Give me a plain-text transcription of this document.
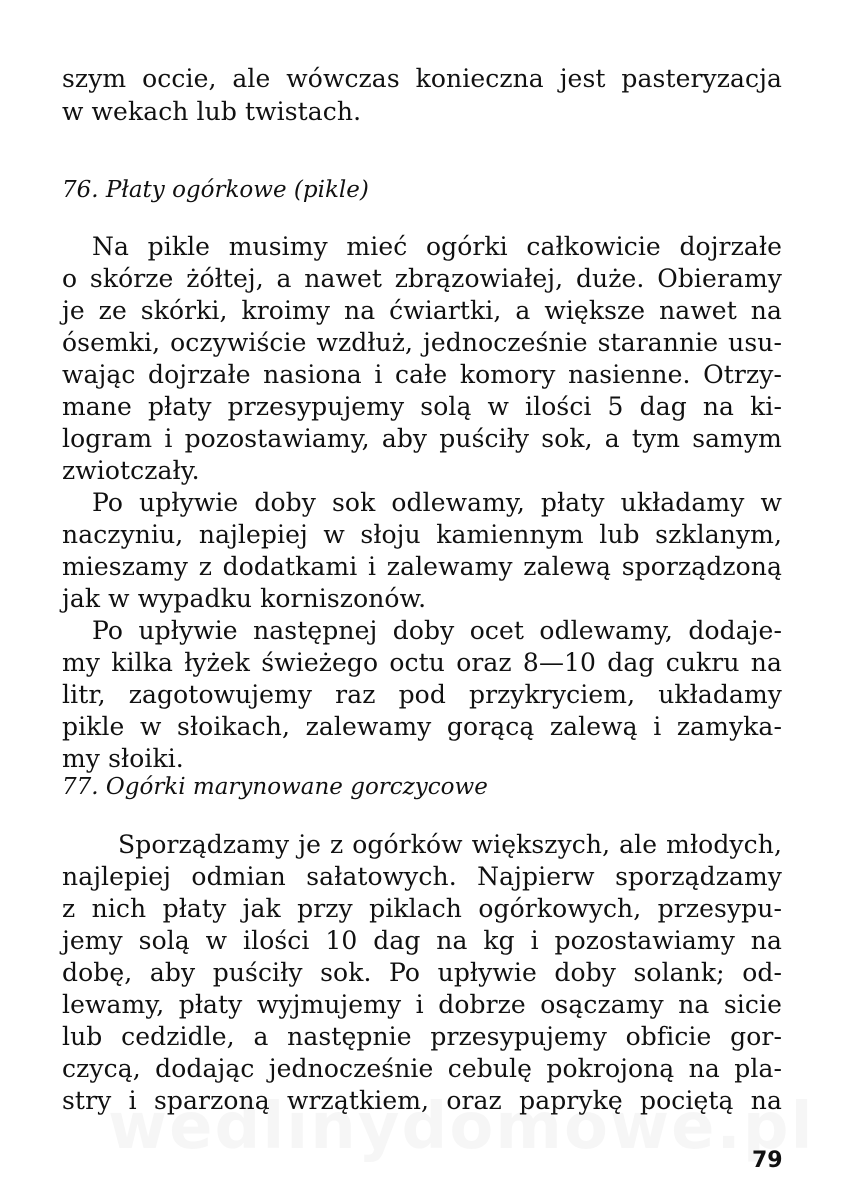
szym occie, ale wówczas konieczna jest pasteryzacja
w wekach lub twistach.
76. Płaty ogórkowe (pikle)
Na pikle musimy mieć ogórki całkowicie dojrzałe
o skórze żółtej, a nawet zbrązowiałej, duże. Obieramy
je ze skórki, kroimy na ćwiartki, a większe nawet na
ósemki, oczywiście wzdłuż, jednocześnie starannie usu-
wając dojrzałe nasiona i całe komory nasienne. Otrzy-
mane płaty przesypujemy solą w ilości 5 dag na ki-
logram i pozostawiamy, aby puściły sok, a tym samym
zwiotczały.
Po upływie doby sok odlewamy, płaty układamy w
naczyniu, najlepiej w słoju kamiennym lub szklanym,
mieszamy z dodatkami i zalewamy zalewą sporządzoną
jak w wypadku korniszonów.
Po upływie następnej doby ocet odlewamy, dodaje-
my kilka łyżek świeżego octu oraz 8—10 dag cukru na
litr, zagotowujemy raz pod przykryciem, układamy
pikle w słoikach, zalewamy gorącą zalewą i zamyka-
my słoiki.
77. Ogórki marynowane gorczycowe
Sporządzamy je z ogórków większych, ale młodych,
najlepiej odmian sałatowych. Najpierw sporządzamy
z nich płaty jak przy piklach ogórkowych, przesypu-
jemy solą w ilości 10 dag na kg i pozostawiamy na
dobę, aby puściły sok. Po upływie doby solank; od-
lewamy, płaty wyjmujemy i dobrze osączamy na sicie
lub cedzidle, a następnie przesypujemy obficie gor-
czycą, dodając jednocześnie cebulę pokrojoną na pla-
stry i sparzoną wrzątkiem, oraz paprykę pociętą na
79
